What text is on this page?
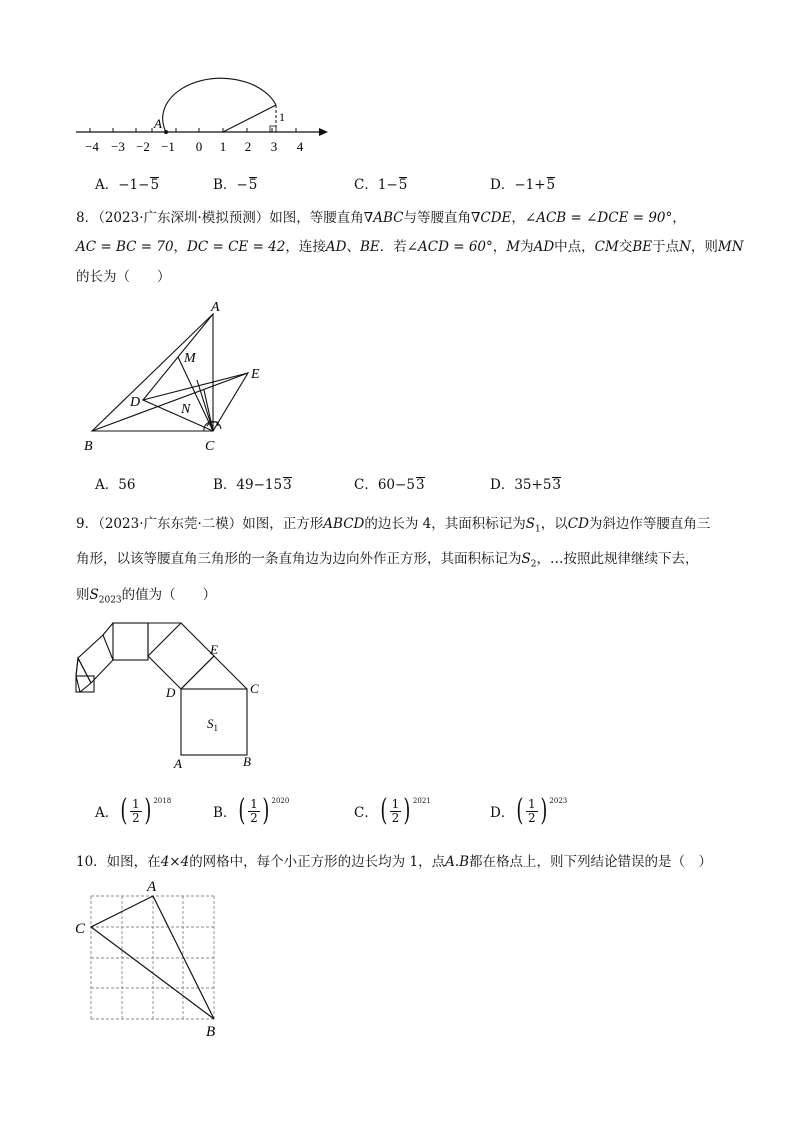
A	1
−4 −3 −2 −1 0 1 2 3 4
A．−1−5	B．−5	C．1−5	D．−1+5
8．（2023·广东深圳·模拟预测）如图，等腰直角∇ABC与等腰直角∇CDE，∠ACB = ∠DCE = 90°，
AC = BC = 70，DC = CE = 42，连接AD、BE．若∠ACD = 60°，M为AD中点，CM交BE于点N，则MN
的长为（　　）
A
B	C
D
E
M
N
A．56	B．49−153	C．60−53	D．35+53
9．（2023·广东东莞·二模）如图，正方形ABCD的边长为 4，其面积标记为$S_1$，以CD为斜边作等腰直角三
角形，以该等腰直角三角形的一条直角边为边向外作正方形，其面积标记为$S_2$，…按照此规律继续下去，
则$S_{2023}$的值为（　　）
E
D	C
A	B
$S_1$
A． ( 1
2 ) 2018
B． ( 1
2 ) 2020
C． ( 1
2 ) 2021
D． ( 1
2 ) 2023
10．如图，在4×4的网格中，每个小正方形的边长均为 1，点A.B都在格点上，则下列结论错误的是（　）
A
C
B
